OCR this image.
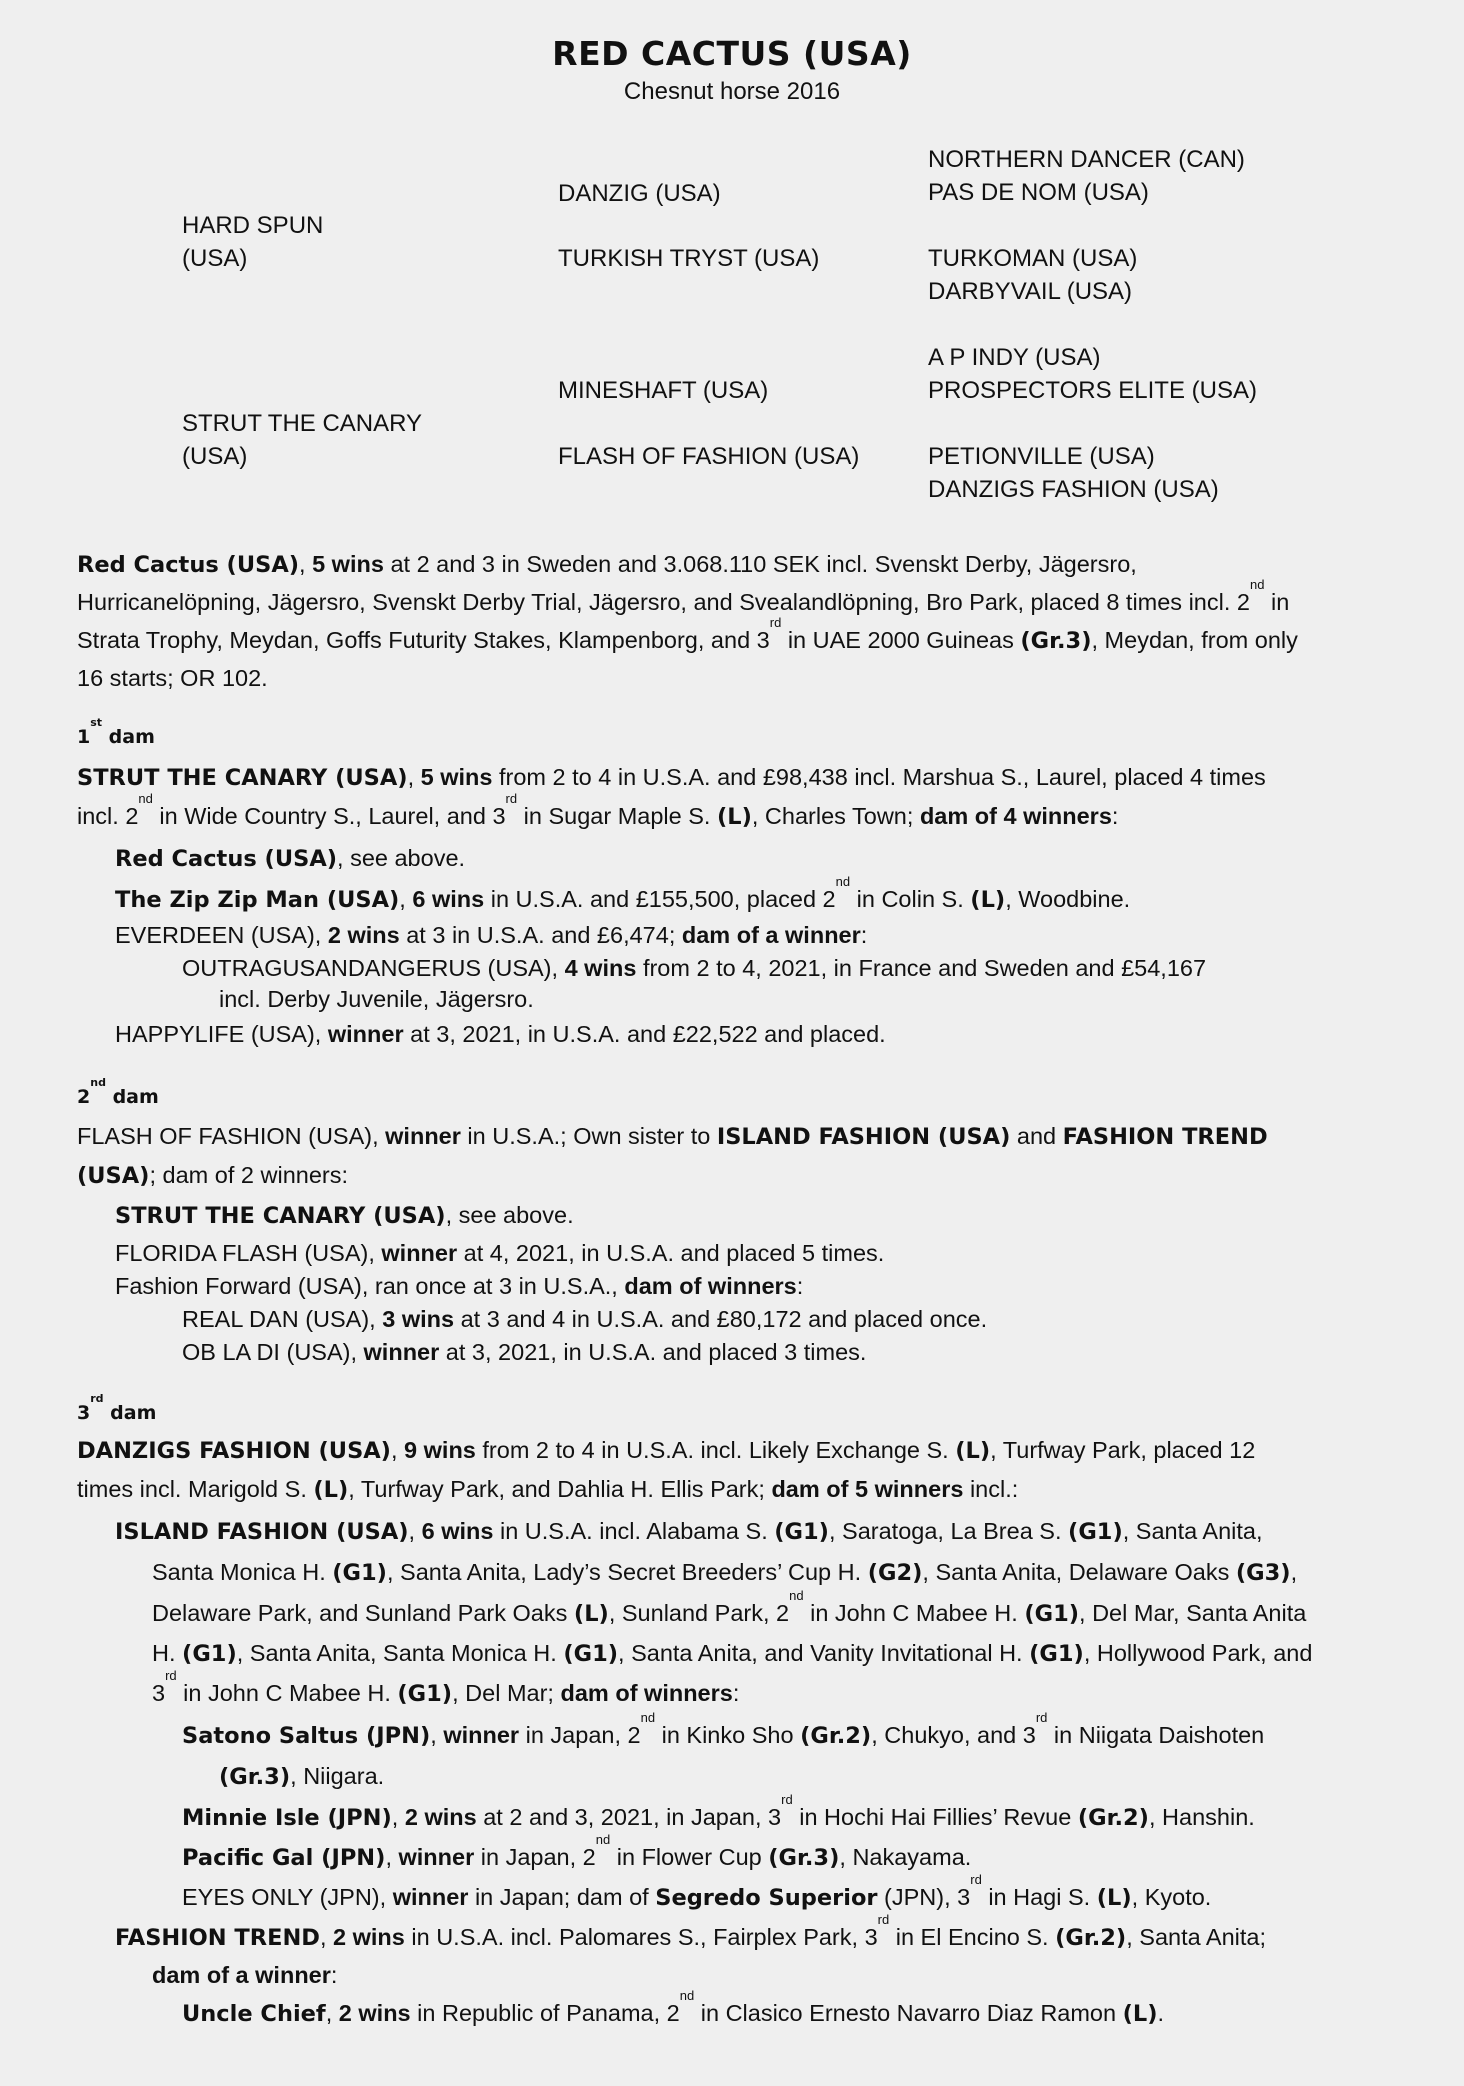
RED CACTUS (USA)
Chesnut horse 2016
HARD SPUN
(USA)
STRUT THE CANARY
(USA)
DANZIG (USA)
TURKISH TRYST (USA)
MINESHAFT (USA)
FLASH OF FASHION (USA)
NORTHERN DANCER (CAN)
PAS DE NOM (USA)
TURKOMAN (USA)
DARBYVAIL (USA)
A P INDY (USA)
PROSPECTORS ELITE (USA)
PETIONVILLE (USA)
DANZIGS FASHION (USA)
Red Cactus (USA), 5 wins at 2 and 3 in Sweden and 3.068.110 SEK incl. Svenskt Derby, Jägersro,
Hurricanelöpning, Jägersro, Svenskt Derby Trial, Jägersro, and Svealandlöpning, Bro Park, placed 8 times incl. 2nd in
Strata Trophy, Meydan, Goffs Futurity Stakes, Klampenborg, and 3rd in UAE 2000 Guineas (Gr.3), Meydan, from only
16 starts; OR 102.
1st dam
STRUT THE CANARY (USA), 5 wins from 2 to 4 in U.S.A. and £98,438 incl. Marshua S., Laurel, placed 4 times
incl. 2nd in Wide Country S., Laurel, and 3rd in Sugar Maple S. (L), Charles Town; dam of 4 winners:
Red Cactus (USA), see above.
The Zip Zip Man (USA), 6 wins in U.S.A. and £155,500, placed 2nd in Colin S. (L), Woodbine.
EVERDEEN (USA), 2 wins at 3 in U.S.A. and £6,474; dam of a winner:
OUTRAGUSANDANGERUS (USA), 4 wins from 2 to 4, 2021, in France and Sweden and £54,167
incl. Derby Juvenile, Jägersro.
HAPPYLIFE (USA), winner at 3, 2021, in U.S.A. and £22,522 and placed.
2nd dam
FLASH OF FASHION (USA), winner in U.S.A.; Own sister to ISLAND FASHION (USA) and FASHION TREND
(USA); dam of 2 winners:
STRUT THE CANARY (USA), see above.
FLORIDA FLASH (USA), winner at 4, 2021, in U.S.A. and placed 5 times.
Fashion Forward (USA), ran once at 3 in U.S.A., dam of winners:
REAL DAN (USA), 3 wins at 3 and 4 in U.S.A. and £80,172 and placed once.
OB LA DI (USA), winner at 3, 2021, in U.S.A. and placed 3 times.
3rd dam
DANZIGS FASHION (USA), 9 wins from 2 to 4 in U.S.A. incl. Likely Exchange S. (L), Turfway Park, placed 12
times incl. Marigold S. (L), Turfway Park, and Dahlia H. Ellis Park; dam of 5 winners incl.:
ISLAND FASHION (USA), 6 wins in U.S.A. incl. Alabama S. (G1), Saratoga, La Brea S. (G1), Santa Anita,
Santa Monica H. (G1), Santa Anita, Lady’s Secret Breeders’ Cup H. (G2), Santa Anita, Delaware Oaks (G3),
Delaware Park, and Sunland Park Oaks (L), Sunland Park, 2nd in John C Mabee H. (G1), Del Mar, Santa Anita
H. (G1), Santa Anita, Santa Monica H. (G1), Santa Anita, and Vanity Invitational H. (G1), Hollywood Park, and
3rd in John C Mabee H. (G1), Del Mar; dam of winners:
Satono Saltus (JPN), winner in Japan, 2nd in Kinko Sho (Gr.2), Chukyo, and 3rd in Niigata Daishoten
(Gr.3), Niigara.
Minnie Isle (JPN), 2 wins at 2 and 3, 2021, in Japan, 3rd in Hochi Hai Fillies’ Revue (Gr.2), Hanshin.
Pacific Gal (JPN), winner in Japan, 2nd in Flower Cup (Gr.3), Nakayama.
EYES ONLY (JPN), winner in Japan; dam of Segredo Superior (JPN), 3rd in Hagi S. (L), Kyoto.
FASHION TREND, 2 wins in U.S.A. incl. Palomares S., Fairplex Park, 3rd in El Encino S. (Gr.2), Santa Anita;
dam of a winner:
Uncle Chief, 2 wins in Republic of Panama, 2nd in Clasico Ernesto Navarro Diaz Ramon (L).
